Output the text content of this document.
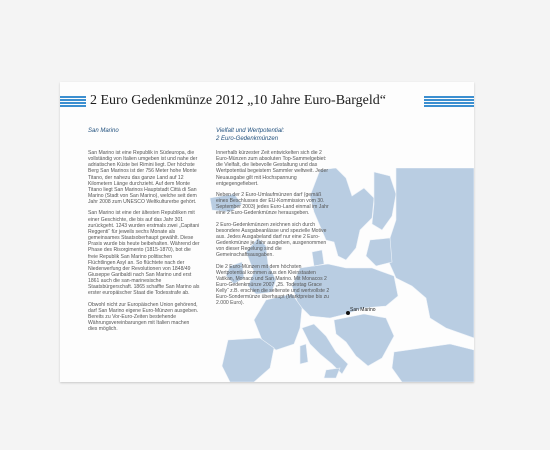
2 Euro Gedenkmünze 2012 „10 Jahre Euro-Bargeld“
San Marino
San Marino	Vielfalt und Wertpotential:
2 Euro-Gedenkmünzen

San Marino ist eine Republik in Südeuropa, die vollständig von Italien umgeben ist und nahe der adriatischen Küste bei Rimini liegt. Der höchste Berg San Marinos ist der 756 Meter hohe Monte Titano, der nahezu das ganze Land auf 12 Kilometern Länge durchzieht. Auf dem Monte Titano liegt San Marinos Hauptstadt Città di San Marino (Stadt von San Marino), welche seit dem Jahr 2008 zum UNESCO Weltkulturerbe gehört.

San Marino ist eine der ältesten Republiken mit einer Geschichte, die bis auf das Jahr 301 zurückgeht. 1243 wurden erstmals zwei „Capitani Reggenti“ für jeweils sechs Monate als gemeinsames Staatsoberhaupt gewählt. Diese Praxis wurde bis heute beibehalten. Während der Phase des Risorgimento (1815-1870), bot die freie Republik San Marino politischen Flüchtlingen Asyl an. So flüchtete nach der Niederwerfung der Revolutionen von 1848/49 Giuseppe Garibaldi nach San Marino und erst 1861 auch die san-marinesische Staatsbürgerschaft. 1865 schaffte San Marino als erster europäischer Staat die Todesstrafe ab.

Obwohl nicht zur Europäischen Union gehörend, darf San Marino eigene Euro-Münzen ausgeben. Bereits zu Vor-Euro-Zeiten bestehende Währungsvereinbarungen mit Italien machen dies möglich.

Innerhalb kürzester Zeit entwickelten sich die 2 Euro-Münzen zum absoluten Top-Sammelgebiet: die Vielfalt, die liebevolle Gestaltung und das Wertpotential begeistern Sammler weltweit. Jeder Neuausgabe gilt mit Hochspannung entgegengefiebert.

Neben der 2 Euro-Umlaufmünzen darf (gemäß eines Beschlusses der EU-Kommission vom 30. September 2003) jedes Euro-Land einmal im Jahr eine 2 Euro-Gedenkmünze herausgeben.

2 Euro-Gedenkmünzen zeichnen sich durch besondere Ausgabeanlässe und spezielle Motive aus. Jedes Ausgabeland darf nur eine 2 Euro-Gedenkmünze je Jahr ausgeben, ausgenommen von dieser Regelung sind die Gemeinschaftsausgaben.

Die 2 Euro-Münzen mit dem höchsten Wertpotential kommen aus den Kleinstaaten Vatikan, Monaco und San Marino. Mit Monacos 2 Euro-Gedenkmünze 2007 „25. Todestag Grace Kelly“ z.B. erschien die seltenste und wertvollste 2 Euro-Sondermünze überhaupt (Marktpreise bis zu 2.000 Euro).
